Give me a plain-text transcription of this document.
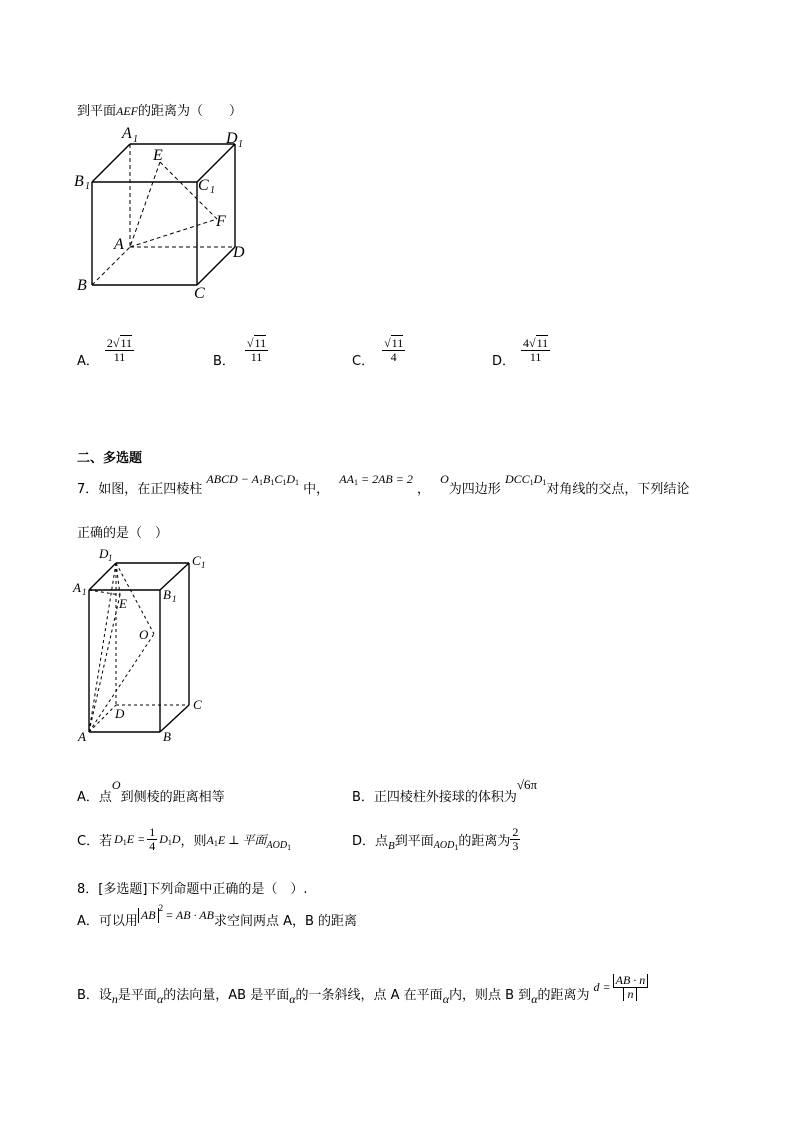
到平面AEF的距离为（　　）
A 1	D 1
E
B 1	C 1
F
A	D
B	C
A． $\frac{2√11}{11}$	B． $\frac{√11}{11}$	C． $\frac{√11}{4}$	D． $\frac{4√11}{11}$
二、多选题
7．如图，在正四棱柱 ABCD − $A_1B_1C_1D_1$ 中， $AA_1 = 2AB = 2$ ， O为四边形 $DCC_1D_1$对角线的交点，下列结论
正确的是（　）
D 1	C 1
A 1
E
B 1
O
D
C
A	B
A．点O到侧棱的距离相等	B．正四棱柱外接球的体积为√6π
C．若 $D_1E = \frac{1}{4} D_1D$ ，则 $A_1E$ ⊥ 平面 $AOD_1$	D．点 B 到平面 $AOD_1$ 的距离为 $\frac{2}{3}$
8．[多选题]下列命题中正确的是（　）.
A．可以用 AB
2
= AB · AB 求空间两点 A，B 的距离
B．设 n 是平面 α 的法向量，AB 是平面 α 的一条斜线，点 A 在平面 α 内，则点 B 到 α 的距离为
$d = \frac{AB \cdot n}{n}$
